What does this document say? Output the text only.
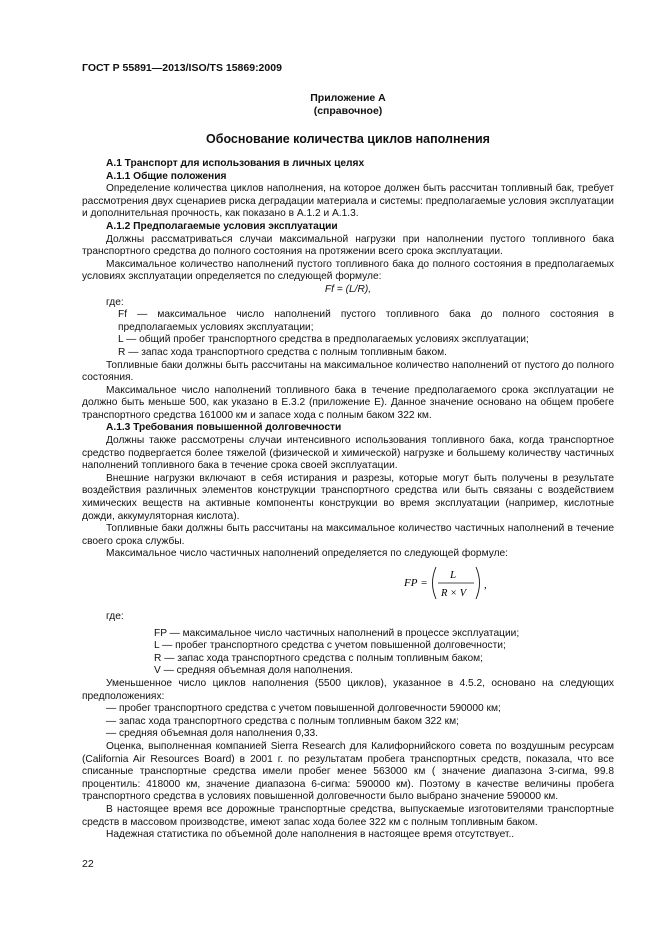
ГОСТ Р 55891—2013/ISO/TS 15869:2009
Приложение А
(справочное)
Обоснование количества циклов наполнения

А.1 Транспорт для использования в личных целях

А.1.1 Общие положения

Определение количества циклов наполнения, на которое должен быть рассчитан топливный бак, требует рассмотрения двух сценариев риска деградации материала и системы: предполагаемые условия эксплуатации и дополнительная прочность, как показано в А.1.2 и А.1.3.

А.1.2 Предполагаемые условия эксплуатации

Должны рассматриваться случаи максимальной нагрузки при наполнении пустого топливного бака транспортного средства до полного состояния на протяжении всего срока эксплуатации.

Максимальное количество наполнений пустого топливного бака до полного состояния в предполагаемых условиях эксплуатации определяется по следующей формуле:

Ff = (L/R),

где:

Ff — максимальное число наполнений пустого топливного бака до полного состояния в предполагаемых условиях эксплуатации;

L — общий пробег транспортного средства в предполагаемых условиях эксплуатации;

R — запас хода транспортного средства с полным топливным баком.

Топливные баки должны быть рассчитаны на максимальное количество наполнений от пустого до полного состояния.

Максимальное число наполнений топливного бака в течение предполагаемого срока эксплуатации не должно быть меньше 500, как указано в Е.3.2 (приложение Е). Данное значение основано на общем пробеге транспортного средства 161000 км и запасе хода с полным баком 322 км.

А.1.3 Требования повышенной долговечности

Должны также рассмотрены случаи интенсивного использования топливного бака, когда транспортное средство подвергается более тяжелой (физической и химической) нагрузке и большему количеству частичных наполнений топливного бака в течение срока своей эксплуатации.

Внешние нагрузки включают в себя истирания и разрезы, которые могут быть получены в результате воздействия различных элементов конструкции транспортного средства или быть связаны с воздействием химических веществ на активные компоненты конструкции во время эксплуатации (например, кислотные дожди, аккумуляторная кислота).

Топливные баки должны быть рассчитаны на максимальное количество частичных наполнений в течение своего срока службы.

Максимальное число частичных наполнений определяется по следующей формуле:

FP =
L
R × V
,

где:

FP — максимальное число частичных наполнений в процессе эксплуатации;

L — пробег транспортного средства с учетом повышенной долговечности;

R — запас хода транспортного средства с полным топливным баком;

V — средняя объемная доля наполнения.

Уменьшенное число циклов наполнения (5500 циклов), указанное в 4.5.2, основано на следующих предположениях:

— пробег транспортного средства с учетом повышенной долговечности 590000 км;

— запас хода транспортного средства с полным топливным баком 322 км;

— средняя объемная доля наполнения 0,33.

Оценка, выполненная компанией Sierra Research для Калифорнийского совета по воздушным ресурсам (California Air Resources Board) в 2001 г. по результатам пробега транспортных средств, показала, что все списанные транспортные средства имели пробег менее 563000 км ( значение диапазона 3-сигма, 99.8 процентиль: 418000 км, значение диапазона 6-сигма: 590000 км). Поэтому в качестве величины пробега транспортного средства в условиях повышенной долговечности было выбрано значение 590000 км.

В настоящее время все дорожные транспортные средства, выпускаемые изготовителями транспортные средств в массовом производстве, имеют запас хода более 322 км с полным топливным баком.

Надежная статистика по объемной доле наполнения в настоящее время отсутствует..

22
